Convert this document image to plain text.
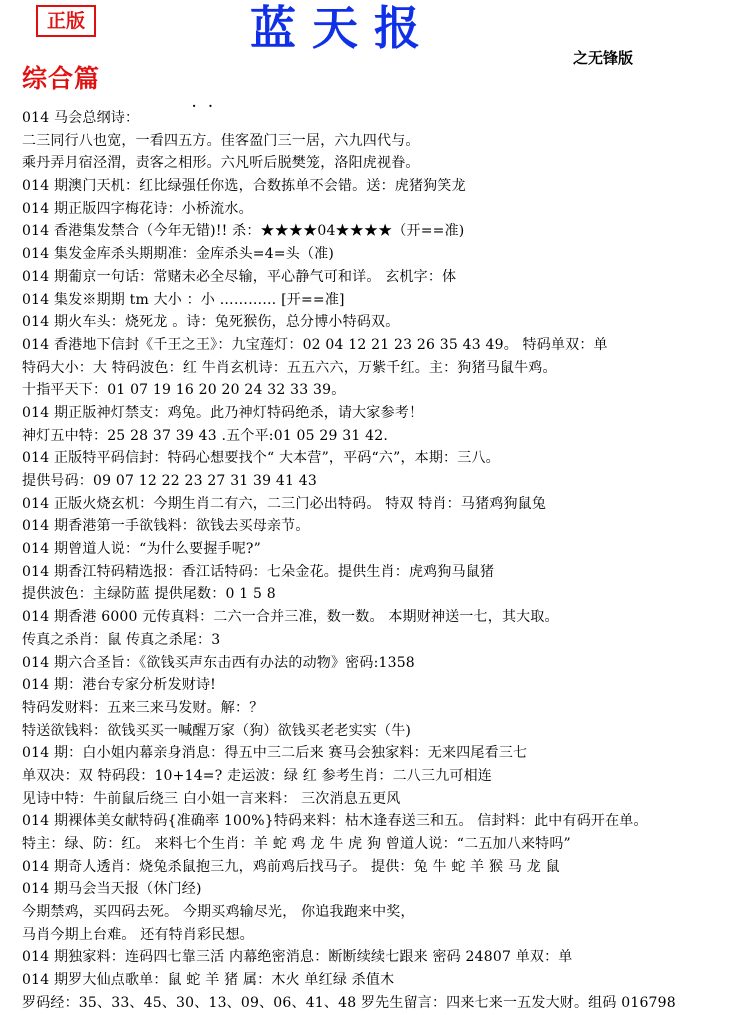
正版	蓝天报
之无锋版
综合篇
. .
014 马会总纲诗：
二三同行八也宽，一看四五方。佳客盈门三一居，六九四代与。
乘丹弄月宿泾渭，责客之相形。六凡听后脱樊笼，洛阳虎视眷。
014 期澳门天机：红比绿强任你选，合数拣单不会错。送：虎猪狗笑龙
014 期正版四字梅花诗：小桥流水。
014 香港集发禁合（今年无错)!! 杀：★★★★04★★★★（开==准)
014 集发金库杀头期期准：金库杀头=4=头（准)
014 期葡京一句话：常赌未必全尽输，平心静气可和详。 玄机字：体
014 集发※期期 tm 大小 ：小 ………… [开==准]
014 期火车头：烧死龙 。诗：兔死猴伤，总分博小特码双。
014 香港地下信封《千王之王》：九宝莲灯：02 04 12 21 23 26 35 43 49。 特码单双：单
特码大小：大 特码波色：红 牛肖玄机诗：五五六六，万紫千红。主：狗猪马鼠牛鸡。
十指平天下：01 07 19 16 20 20 24 32 33 39。
014 期正版神灯禁支：鸡兔。此乃神灯特码绝杀，请大家参考！
神灯五中特：25 28 37 39 43 .五个平:01 05 29 31 42.
014 正版特平码信封：特码心想要找个“ 大本营”，平码“六”，本期：三八。
提供号码：09 07 12 22 23 27 31 39 41 43
014 正版火烧玄机：今期生肖二有六，二三门必出特码。 特双 特肖：马猪鸡狗鼠兔
014 期香港第一手欲钱料：欲钱去买母亲节。
014 期曾道人说：“为什么要握手呢?”
014 期香江特码精选报：香江话特码：七朵金花。提供生肖：虎鸡狗马鼠猪
提供波色：主绿防蓝 提供尾数：0 1 5 8
014 期香港 6000 元传真料：二六一合并三准，数一数。 本期财神送一七，其大取。
传真之杀肖：鼠 传真之杀尾：3
014 期六合圣旨：《欲钱买声东击西有办法的动物》密码:1358
014 期：港台专家分析发财诗!
特码发财料：五来三来马发财。解：？
特送欲钱料：欲钱买买一喊醒万家（狗）欲钱买老老实实（牛)
014 期：白小姐内幕亲身消息：得五中三二后来 赛马会独家料：无来四尾看三七
单双决：双 特码段：10+14=? 走运波：绿 红 参考生肖：二八三九可相连
见诗中特：牛前鼠后绕三 白小姐一言来料： 三次消息五更风
014 期裸体美女献特码{准确率 100%}特码来料：枯木逢春送三和五。 信封料：此中有码开在单。
特主：绿、防：红。 来料七个生肖：羊 蛇 鸡 龙 牛 虎 狗 曾道人说：“二五加八来特吗”
014 期奇人透肖：烧兔杀鼠抱三九，鸡前鸡后找马子。 提供：兔 牛 蛇 羊 猴 马 龙 鼠
014 期马会当天报（休门经)
今期禁鸡，买四码去死。 今期买鸡输尽光， 你追我跑来中奖，
马肖今期上台难。 还有特肖彩民想。
014 期独家料：连码四七靠三活 内幕绝密消息：断断续续七跟来 密码 24807 单双：单
014 期罗大仙点歌单：鼠 蛇 羊 猪 属：木火 单红绿 杀值木
罗码经：35、33、45、30、13、09、06、41、48 罗先生留言：四来七来一五发大财。组码 016798
